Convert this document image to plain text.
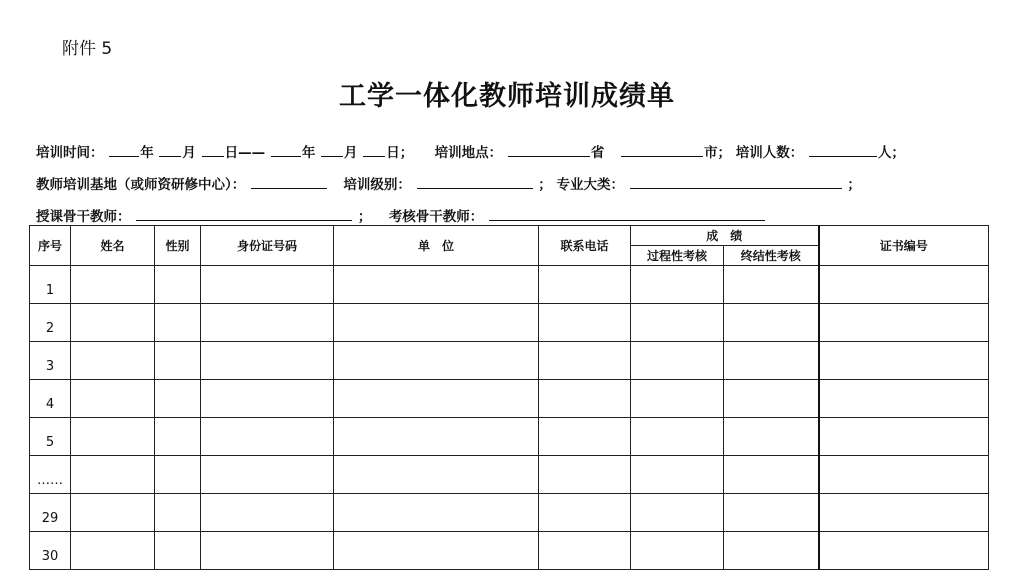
附件 5
工学一体化教师培训成绩单
培训时间：	年 月 日——	年 月 日； 培训地点：	省	市； 培训人数：	人；
教师培训基地（或师资研修中心）：	培训级别：	； 专业大类：	；
授课骨干教师：	； 考核骨干教师：
序号	姓名	性别	身份证号码	单　位	联系电话	成　绩		证书编号
						过程性考核	终结性考核	
1								
2								
3								
4								
5								
……								
29								
30								
